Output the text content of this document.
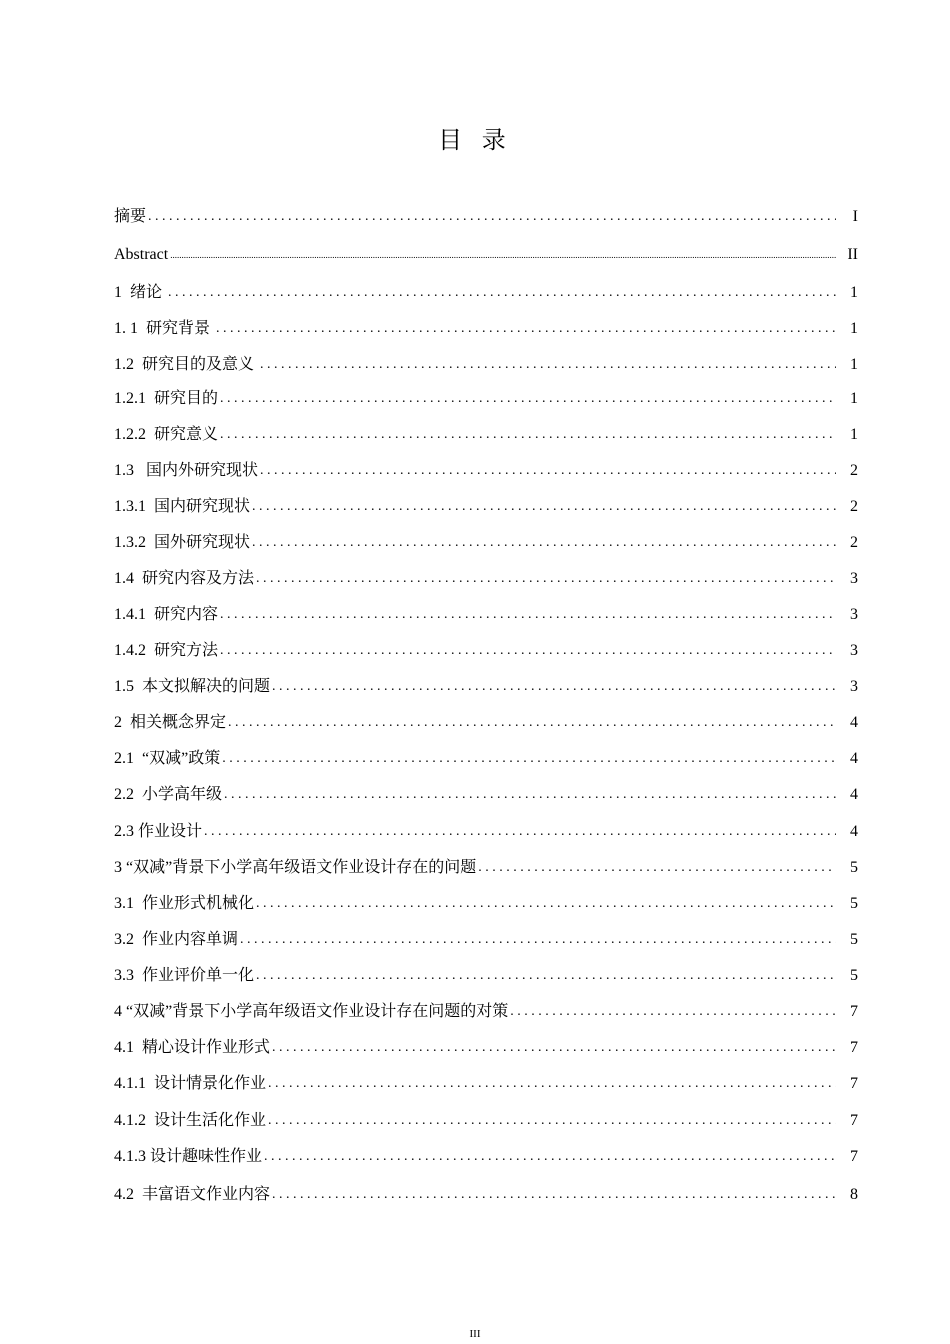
目 录
摘要 . . .	I
Abstract .....	II
1  绪论 . . .	1
1. 1  研究背景 . . .	1
1.2  研究目的及意义 . . .	1
1.2.1  研究目的 . . .	1
1.2.2  研究意义 . . .	1
1.3   国内外研究现状 . . .	2
1.3.1  国内研究现状 . . .	2
1.3.2  国外研究现状 . . .	2
1.4  研究内容及方法 . . .	3
1.4.1  研究内容 . . .	3
1.4.2  研究方法 . . .	3
1.5  本文拟解决的问题 . . .	3
2  相关概念界定 . . .	4
2.1  “双减”政策 . . .	4
2.2  小学高年级 . . .	4
2.3 作业设计 . . .	4
3 “双减”背景下小学高年级语文作业设计存在的问题 . . .	5
3.1  作业形式机械化 . . .	5
3.2  作业内容单调 . . .	5
3.3  作业评价单一化 . . .	5
4 “双减”背景下小学高年级语文作业设计存在问题的对策 . . .	7
4.1  精心设计作业形式 . . .	7
4.1.1  设计情景化作业 . . .	7
4.1.2  设计生活化作业 . . .	7
4.1.3 设计趣味性作业 . . .	7
4.2  丰富语文作业内容 . . .	8
III
